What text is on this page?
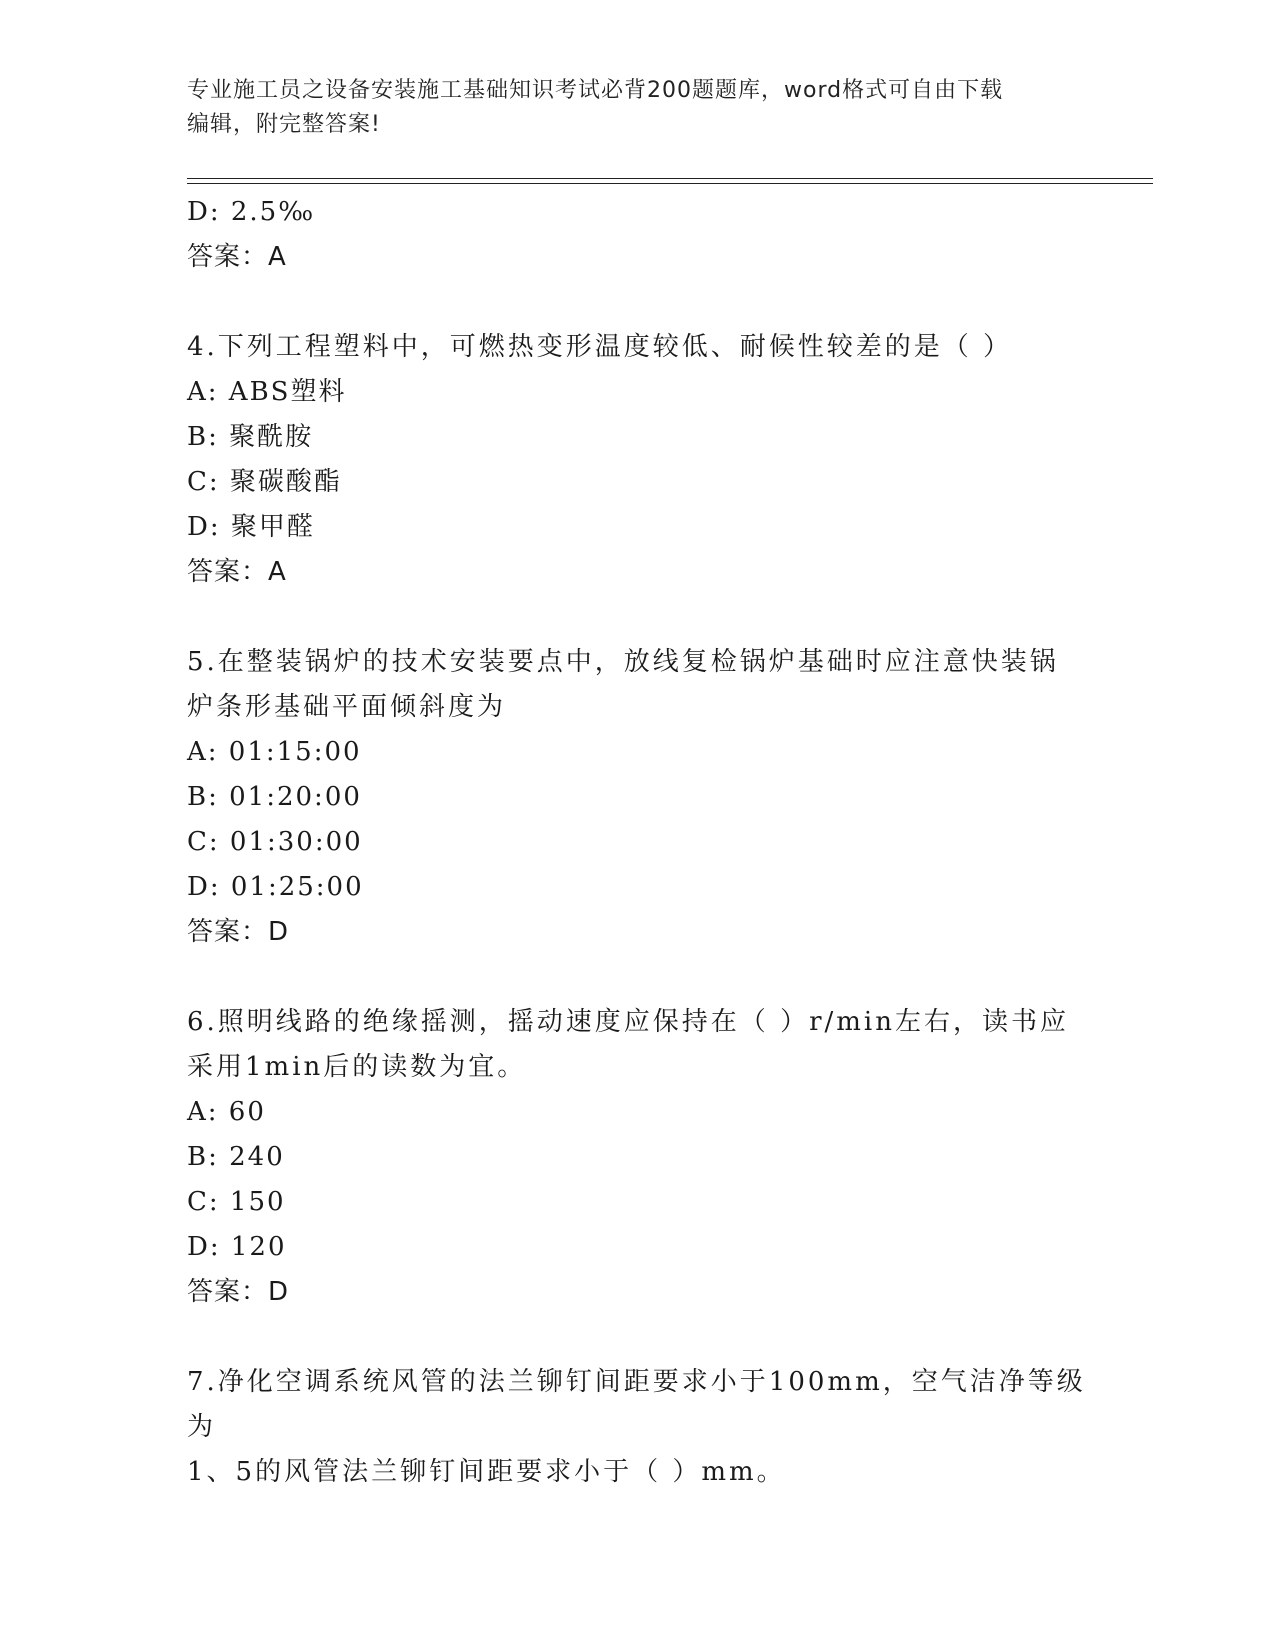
专业施工员之设备安装施工基础知识考试必背200题题库，word格式可自由下载
编辑，附完整答案!
D: 2.5‰
答案：A
4.下列工程塑料中，可燃热变形温度较低、耐候性较差的是（ ）
A: ABS塑料
B: 聚酰胺
C: 聚碳酸酯
D: 聚甲醛
答案：A
5.在整装锅炉的技术安装要点中，放线复检锅炉基础时应注意快装锅
炉条形基础平面倾斜度为
A: 01:15:00
B: 01:20:00
C: 01:30:00
D: 01:25:00
答案：D
6.照明线路的绝缘摇测，摇动速度应保持在（ ）r/min左右，读书应
采用1min后的读数为宜。
A: 60
B: 240
C: 150
D: 120
答案：D
7.净化空调系统风管的法兰铆钉间距要求小于100mm，空气洁净等级为
1、5的风管法兰铆钉间距要求小于（ ）mm。
